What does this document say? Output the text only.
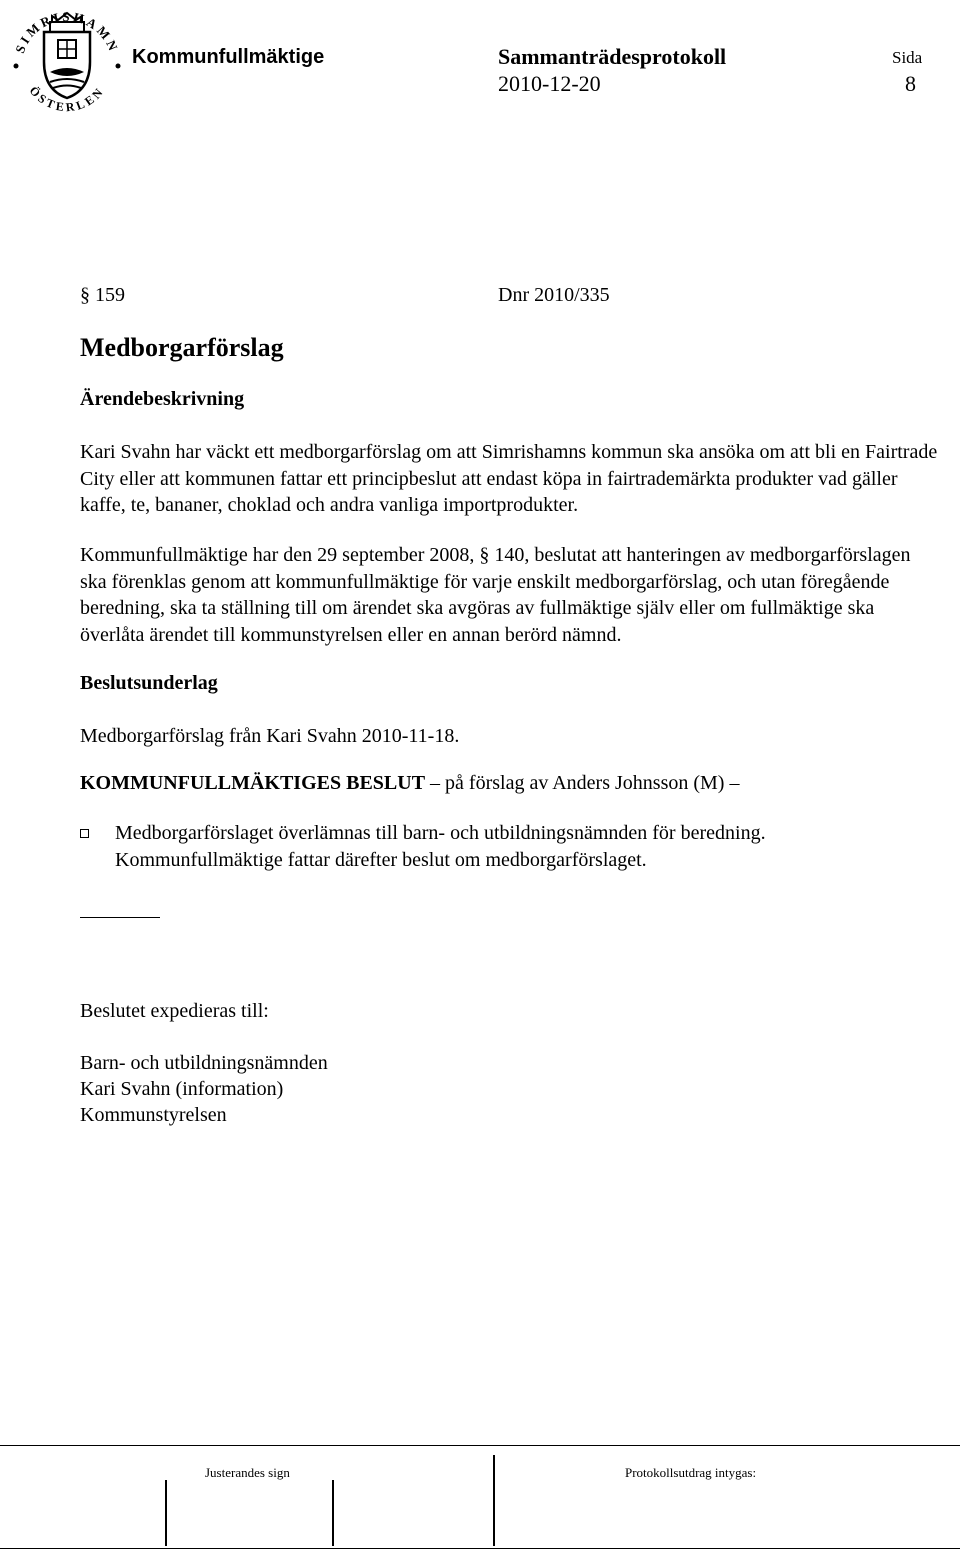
SIMRISHAMN
ÖSTERLEN
Kommunfullmäktige	Sammanträdesprotokoll	Sida
2010-12-20	8
§ 159	Dnr 2010/335
Medborgarförslag
Ärendebeskrivning
Kari Svahn har väckt ett medborgarförslag om att Simrishamns kommun ska ansöka om att bli en Fairtrade City eller att kommunen fattar ett principbeslut att endast köpa in fairtrademärkta produkter vad gäller kaffe, te, bananer, choklad och andra vanliga importprodukter.
Kommunfullmäktige har den 29 september 2008, § 140, beslutat att hanteringen av medborgarförslagen ska förenklas genom att kommunfullmäktige för varje enskilt medborgarförslag, och utan föregående beredning, ska ta ställning till om ärendet ska avgöras av fullmäktige själv eller om fullmäktige ska överlåta ärendet till kommunstyrelsen eller en annan berörd nämnd.
Beslutsunderlag
Medborgarförslag från Kari Svahn 2010-11-18.
KOMMUNFULLMÄKTIGES BESLUT – på förslag av Anders Johnsson (M) –
Medborgarförslaget överlämnas till barn- och utbildningsnämnden för beredning. Kommunfullmäktige fattar därefter beslut om medborgarförslaget.
Beslutet expedieras till:
Barn- och utbildningsnämnden
Kari Svahn (information)
Kommunstyrelsen
Justerandes sign	Protokollsutdrag intygas:
